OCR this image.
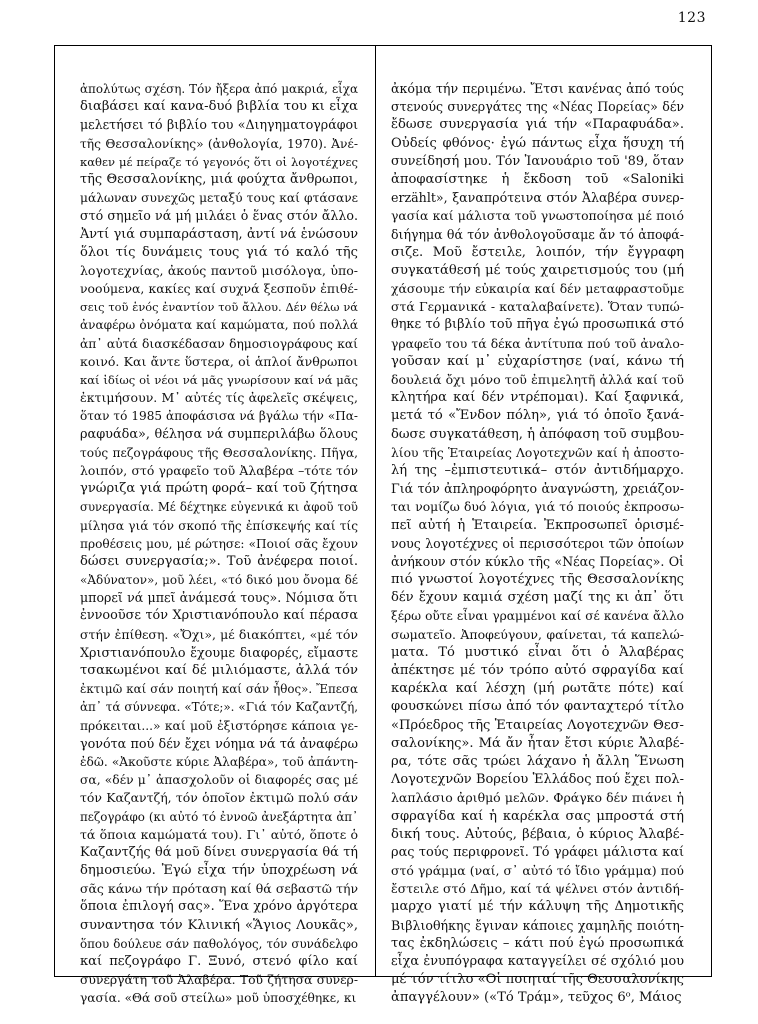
123
ἀπολύτως σχέση. Τόν ἤξερα ἀπό μακριά, εἶχα
διαβάσει καί κανα-δυό βιβλία του κι εἶχα
μελετήσει τό βιβλίο του «Διηγηματογράφοι
τῆς Θεσσαλονίκης» (ἀνθολογία, 1970). Ἀνέ-
καθεν μέ πείραζε τό γεγονός ὅτι οἱ λογοτέχνες
τῆς Θεσσαλονίκης, μιά φούχτα ἄνθρωποι,
μάλωναν συνεχῶς μεταξύ τους καί φτάσανε
στό σημεῖο νά μή μιλάει ὁ ἕνας στόν ἄλλο.
Ἀντί γιά συμπαράσταση, ἀντί νά ἑνώσουν
ὅλοι τίς δυνάμεις τους γιά τό καλό τῆς
λογοτεχνίας, ἀκούς παντοῦ μισόλογα, ὑπο-
νοούμενα, κακίες καί συχνά ξεσποῦν ἐπιθέ-
σεις τοῦ ἑνός ἐναντίον τοῦ ἄλλου. Δέν θέλω νά
ἀναφέρω ὀνόματα καί καμώματα, πού πολλά
ἀπ᾽ αὐτά διασκέδασαν δημοσιογράφους καί
κοινό. Και ἄντε ὕστερα, οἱ ἁπλοί ἄνθρωποι
καί ἰδίως οἱ νέοι νά μᾶς γνωρίσουν καί νά μᾶς
ἐκτιμήσουν. Μ᾽ αὐτές τίς ἀφελεῖς σκέψεις,
ὅταν τό 1985 ἀποφάσισα νά βγάλω τήν «Πα-
ραφυάδα», θέλησα νά συμπεριλάβω ὅλους
τούς πεζογράφους τῆς Θεσσαλονίκης. Πῆγα,
λοιπόν, στό γραφεῖο τοῦ Ἀλαβέρα –τότε τόν
γνώριζα γιά πρώτη φορά– καί τοῦ ζήτησα
συνεργασία. Μέ δέχτηκε εὐγενικά κι ἀφοῦ τοῦ
μίλησα γιά τόν σκοπό τῆς ἐπίσκεψής καί τίς
προθέσεις μου, μέ ρώτησε: «Ποιοί σᾶς ἔχουν
δώσει συνεργασία;». Τοῦ ἀνέφερα ποιοί.
«Ἀδύνατον», μοῦ λέει, «τό δικό μου ὄνομα δέ
μπορεῖ νά μπεῖ ἀνάμεσά τους». Νόμισα ὅτι
ἐννοοῦσε τόν Χριστιανόπουλο καί πέρασα
στήν ἐπίθεση. «Ὄχι», μέ διακόπτει, «μέ τόν
Χριστιανόπουλο ἔχουμε διαφορές, εἴμαστε
τσακωμένοι καί δέ μιλιόμαστε, ἀλλά τόν
ἐκτιμῶ καί σάν ποιητή καί σάν ἦθος». Ἔπεσα
ἀπ᾽ τά σύννεφα. «Τότε;». «Γιά τόν Καζαντζή,
πρόκειται...» καί μοῦ ἐξιστόρησε κάποια γε-
γονότα πού δέν ἔχει νόημα νά τά ἀναφέρω
ἐδῶ. «Ἀκοῦστε κύριε Ἀλαβέρα», τοῦ ἀπάντη-
σα, «δέν μ᾽ ἀπασχολοῦν οἱ διαφορές σας μέ
τόν Καζαντζή, τόν ὁποῖον ἐκτιμῶ πολύ σάν
πεζογράφο (κι αὐτό τό ἐννοῶ ἀνεξάρτητα ἀπ᾽
τά ὅποια καμώματά του). Γι᾽ αὐτό, ὅποτε ὁ
Καζαντζής θά μοῦ δίνει συνεργασία θά τή
δημοσιεύω. Ἐγώ εἶχα τήν ὑποχρέωση νά
σᾶς κάνω τήν πρόταση καί θά σεβαστῶ τήν
ὅποια ἐπιλογή σας». Ἕνα χρόνο ἀργότερα
συναντησα τόν Κλινική «Ἅγιος Λουκᾶς»,
ὅπου δούλευε σάν παθολόγος, τόν συνάδελφο
καί πεζογράφο Γ. Ξυνό, στενό φίλο καί
συνεργάτη τοῦ Ἀλαβέρα. Τοῦ ζήτησα συνερ-
γασία. «Θά σοῦ στείλω» μοῦ ὑποσχέθηκε, κι
ἀκόμα τήν περιμένω. Ἔτσι κανένας ἀπό τούς
στενούς συνεργάτες της «Νέας Πορείας» δέν
ἔδωσε συνεργασία γιά τήν «Παραφυάδα».
Οὐδείς φθόνος· ἐγώ πάντως εἶχα ἥσυχη τή
συνείδησή μου. Τόν Ἰανουάριο τοῦ '89, ὅταν
ἀποφασίστηκε ἡ ἔκδοση τοῦ «Saloniki
erzählt», ξαναπρότεινα στόν Ἀλαβέρα συνερ-
γασία καί μάλιστα τοῦ γνωστοποίησα μέ ποιό
διήγημα θά τόν ἀνθολογοῦσαμε ἄν τό ἀποφά-
σιζε. Μοῦ ἔστειλε, λοιπόν, τήν ἔγγραφη
συγκατάθεσή μέ τούς χαιρετισμούς του (μή
χάσουμε τήν εὐκαιρία καί δέν μεταφραστοῦμε
στά Γερμανικά - καταλαβαίνετε). Ὅταν τυπώ-
θηκε τό βιβλίο τοῦ πῆγα ἐγώ προσωπικά στό
γραφεῖο του τά δέκα ἀντίτυπα πού τοῦ ἀναλο-
γοῦσαν καί μ᾽ εὐχαρίστησε (ναί, κάνω τή
δουλειά ὄχι μόνο τοῦ ἐπιμελητῆ ἀλλά καί τοῦ
κλητήρα καί δέν ντρέπομαι). Καί ξαφνικά,
μετά τό «Ἔνδον πόλη», γιά τό ὁποῖο ξανά-
δωσε συγκατάθεση, ἡ ἀπόφαση τοῦ συμβου-
λίου τῆς Ἑταιρείας Λογοτεχνῶν καί ἡ ἀποστο-
λή της –ἐμπιστευτικά– στόν ἀντιδήμαρχο.
Γιά τόν ἀπληροφόρητο ἀναγνώστη, χρειάζον-
ται νομίζω δυό λόγια, γιά τό ποιούς ἐκπροσω-
πεῖ αὐτή ἡ Ἑταιρεία. Ἐκπροσωπεῖ ὁρισμέ-
νους λογοτέχνες οἱ περισσότεροι τῶν ὁποίων
ἀνήκουν στόν κύκλο τῆς «Νέας Πορείας». Οἱ
πιό γνωστοί λογοτέχνες τῆς Θεσσαλονίκης
δέν ἔχουν καμιά σχέση μαζί της κι ἀπ᾽ ὅτι
ξέρω οὔτε εἶναι γραμμένοι καί σέ κανένα ἄλλο
σωματεῖο. Ἀποφεύγουν, φαίνεται, τά καπελώ-
ματα. Τό μυστικό εἶναι ὅτι ὁ Ἀλαβέρας
ἀπέκτησε μέ τόν τρόπο αὐτό σφραγίδα καί
καρέκλα καί λέσχη (μή ρωτᾶτε πότε) καί
φουσκώνει πίσω ἀπό τόν φανταχτερό τίτλο
«Πρόεδρος τῆς Ἑταιρείας Λογοτεχνῶν Θεσ-
σαλονίκης». Μά ἄν ἦταν ἔτσι κύριε Ἀλαβέ-
ρα, τότε σᾶς τρώει λάχανο ἡ ἄλλη Ἕνωση
Λογοτεχνῶν Βορείου Ἑλλάδος πού ἔχει πολ-
λαπλάσιο ἀριθμό μελῶν. Φράγκο δέν πιάνει ἡ
σφραγίδα καί ἡ καρέκλα σας μπροστά στή
δική τους. Αὐτούς, βέβαια, ὁ κύριος Ἀλαβέ-
ρας τούς περιφρονεῖ. Τό γράφει μάλιστα καί
στό γράμμα (ναί, σ᾽ αὐτό τό ἴδιο γράμμα) πού
ἔστειλε στό Δῆμο, καί τά ψέλνει στόν ἀντιδή-
μαρχο γιατί μέ τήν κάλυψη τῆς Δημοτικῆς
Βιβλιοθήκης ἔγιναν κάποιες χαμηλῆς ποιότη-
τας ἐκδηλώσεις – κάτι πού ἐγώ προσωπικά
εἶχα ἐνυπόγραφα καταγγείλει σέ σχόλιό μου
μέ τόν τίτλο «Οἱ ποιηταί τῆς Θεσσαλονίκης
ἀπαγγέλουν» («Τό Τράμ», τεῦχος 6ᵒ, Μάιος
